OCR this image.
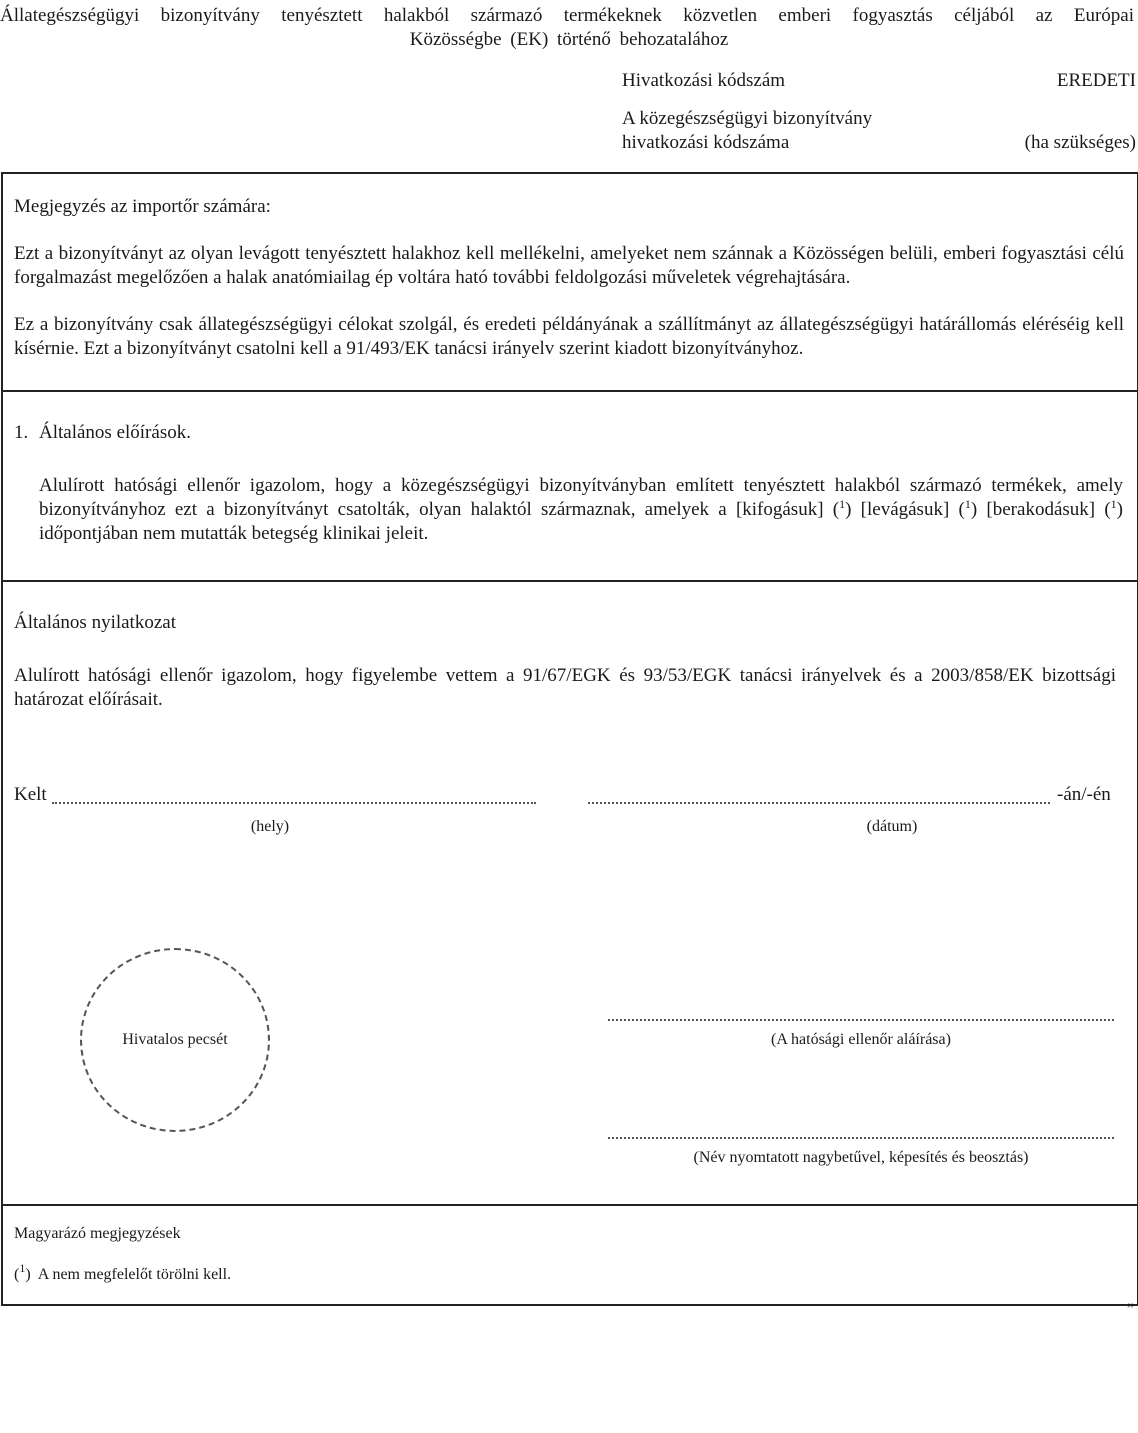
Állategészségügyi bizonyítvány tenyésztett halakból származó termékeknek közvetlen emberi fogyasztás céljából az Európai
Közösségbe (EK) történő behozatalához
Hivatkozási kódszám	EREDETI
A közegészségügyi bizonyítvány
hivatkozási kódszáma	(ha szükséges)
Megjegyzés az importőr számára:
Ezt a bizonyítványt az olyan levágott tenyésztett halakhoz kell mellékelni, amelyeket nem szánnak a Közösségen belüli, emberi fogyasztási célú forgalmazást megelőzően a halak anatómiailag ép voltára ható további feldolgozási műveletek végrehajtására.
Ez a bizonyítvány csak állategészségügyi célokat szolgál, és eredeti példányának a szállítmányt az állategészségügyi határállomás eléréséig kell kísérnie. Ezt a bizonyítványt csatolni kell a 91/493/EK tanácsi irányelv szerint kiadott bizonyítványhoz.
1. Általános előírások.
Alulírott hatósági ellenőr igazolom, hogy a közegészségügyi bizonyítványban említett tenyésztett halakból származó termékek, amely bizonyítványhoz ezt a bizonyítványt csatolták, olyan halaktól származnak, amelyek a [kifogásuk] ($^1$) [levágásuk] ($^1$) [berakodásuk] ($^1$) időpontjában nem mutatták betegség klinikai jeleit.
Általános nyilatkozat
Alulírott hatósági ellenőr igazolom, hogy figyelembe vettem a 91/67/EGK és 93/53/EGK tanácsi irányelvek és a 2003/858/EK bizottsági határozat előírásait.
Kelt	-án/-én
(hely)	(dátum)
Hivatalos pecsét	(A hatósági ellenőr aláírása)
(Név nyomtatott nagybetűvel, képesítés és beosztás)
Magyarázó megjegyzések
($^1$)  A nem megfelelőt törölni kell.
”
